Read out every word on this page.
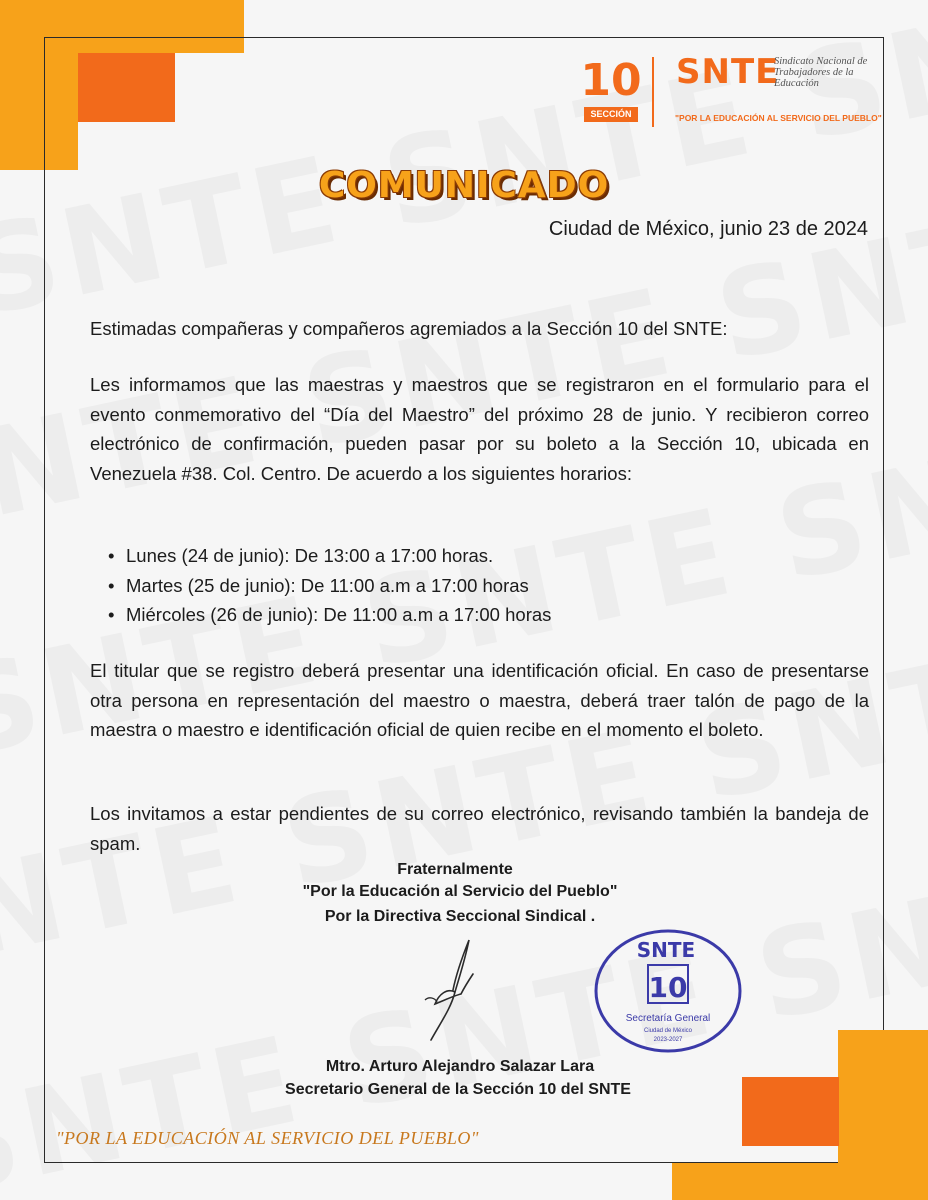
10
SECCIÓN
SNTE
Sindicato Nacional de Trabajadores de la Educación
"POR LA EDUCACIÓN AL SERVICIO DEL PUEBLO"
COMUNICADO
Ciudad de México, junio 23 de 2024
Estimadas compañeras y compañeros agremiados a la Sección 10 del SNTE:
Les informamos que las maestras y maestros que se registraron en el formulario para el evento conmemorativo del “Día del Maestro” del próximo 28 de junio. Y recibieron correo electrónico de confirmación, pueden pasar por su boleto a la Sección 10, ubicada en Venezuela #38. Col. Centro. De acuerdo a los siguientes horarios:
• Lunes (24 de junio): De 13:00 a 17:00 horas.
• Martes (25 de junio): De 11:00 a.m a 17:00 horas
• Miércoles (26 de junio): De 11:00 a.m a 17:00 horas
El titular que se registro deberá presentar una identificación oficial. En caso de presentarse otra persona en representación del maestro o maestra, deberá traer talón de pago de la maestra o maestro e identificación oficial de quien recibe en el momento el boleto.
Los invitamos a estar pendientes de su correo electrónico, revisando también la bandeja de spam.
Fraternalmente
"Por la Educación al Servicio del Pueblo"
Por la Directiva Seccional Sindical .
SNTE
10
Secretaría General
Ciudad de México
2023-2027
Mtro. Arturo Alejandro Salazar Lara
Secretario General de la Sección 10 del SNTE
"POR LA EDUCACIÓN AL SERVICIO DEL PUEBLO"
